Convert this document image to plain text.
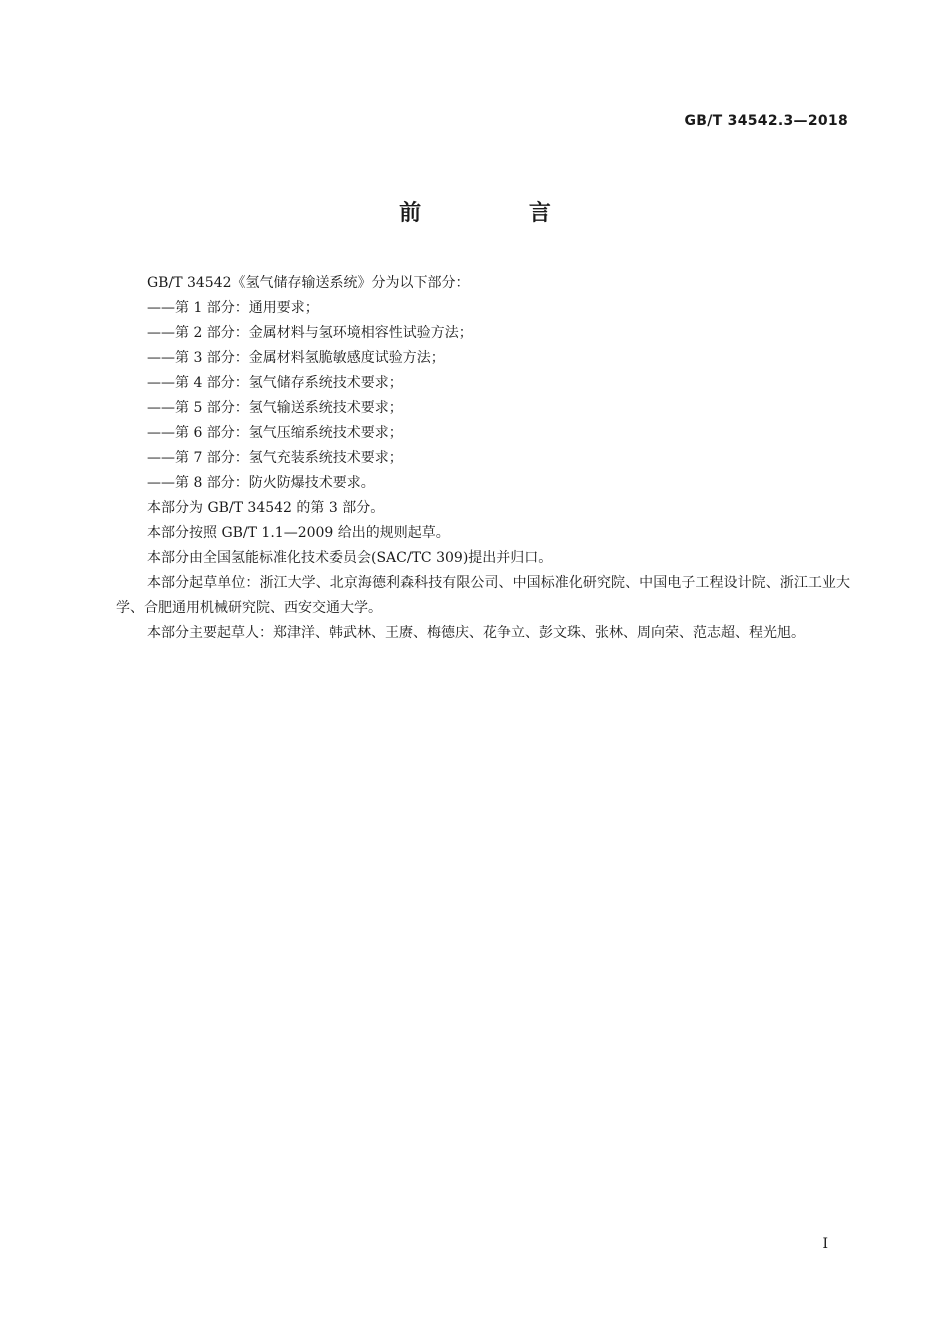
GB/T 34542.3—2018
前 言

GB/T 34542《氢气储存输送系统》分为以下部分：

——第 1 部分：通用要求；

——第 2 部分：金属材料与氢环境相容性试验方法；

——第 3 部分：金属材料氢脆敏感度试验方法；

——第 4 部分：氢气储存系统技术要求；

——第 5 部分：氢气输送系统技术要求；

——第 6 部分：氢气压缩系统技术要求；

——第 7 部分：氢气充装系统技术要求；

——第 8 部分：防火防爆技术要求。

本部分为 GB/T 34542 的第 3 部分。

本部分按照 GB/T 1.1—2009 给出的规则起草。

本部分由全国氢能标准化技术委员会(SAC/TC 309)提出并归口。

本部分起草单位：浙江大学、北京海德利森科技有限公司、中国标准化研究院、中国电子工程设计院、浙江工业大学、合肥通用机械研究院、西安交通大学。

本部分主要起草人：郑津洋、韩武林、王赓、梅德庆、花争立、彭文珠、张林、周向荣、范志超、程光旭。

I
